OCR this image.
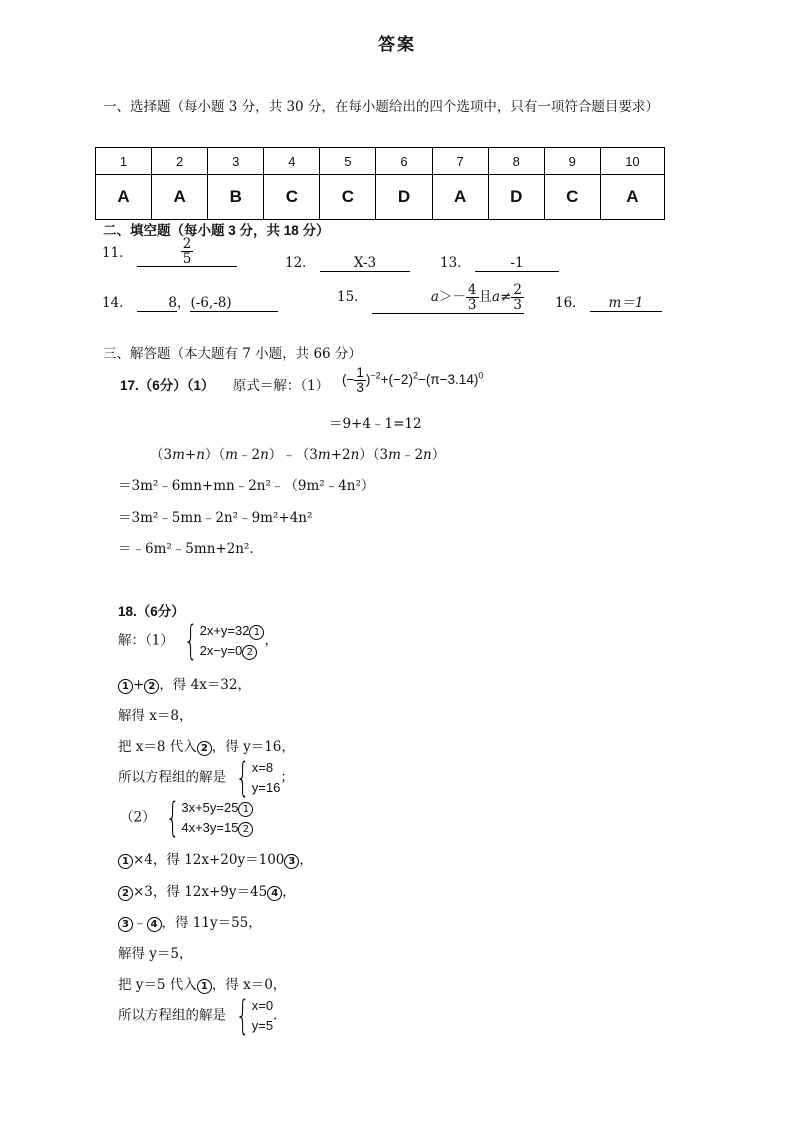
答案
一、选择题（每小题 3 分，共 30 分，在每小题给出的四个选项中，只有一项符合题目要求）
1	2	3	4	5	6	7	8	9	10
A	A	B	C	C	D	A	D	C	A
二、填空题（每小题 3 分，共 18 分）
11．	$\frac{2}{5}$	12．	X-3	13．	-1
14．	8，(-6,-8)	15．	$a>- \frac{4}{3}$ 且$a\ne \frac{2}{3} 16$． m＝1
三、解答题（本大题有 7 小题，共 66 分）
17.（6分）（1） 原式＝解：（1） (− $\frac{1}{3} )^{-2}+(-2)^2-(\pi-3.14)^0$
＝9+4﹣1=12
（3m+n）（m﹣2n）﹣（3m+2n）（3m﹣2n）
＝3m²﹣6mn+mn﹣2n²﹣（9m²﹣4n²）
＝3m²﹣5mn﹣2n²﹣9m²+4n²
＝﹣6m²﹣5mn+2n².
18.（6分）
解：（1） { 2x+y=32 1
2x−y=0 2
，
1 + 2 ，得 4x＝32，
解得 x＝8，
把 x＝8 代入 2 ，得 y＝16，
所以方程组的解是 { x=8
y=16
；
（2） { 3x+5y=25 1
4x+3y=15 2
1 ×4，得 12x+20y＝100 3 ，
2 ×3，得 12x+9y＝45 4 ，
3 ﹣ 4 ，得 11y＝55，
解得 y＝5，
把 y＝5 代入 1 ，得 x＝0，
所以方程组的解是 { x=0
y=5
.
